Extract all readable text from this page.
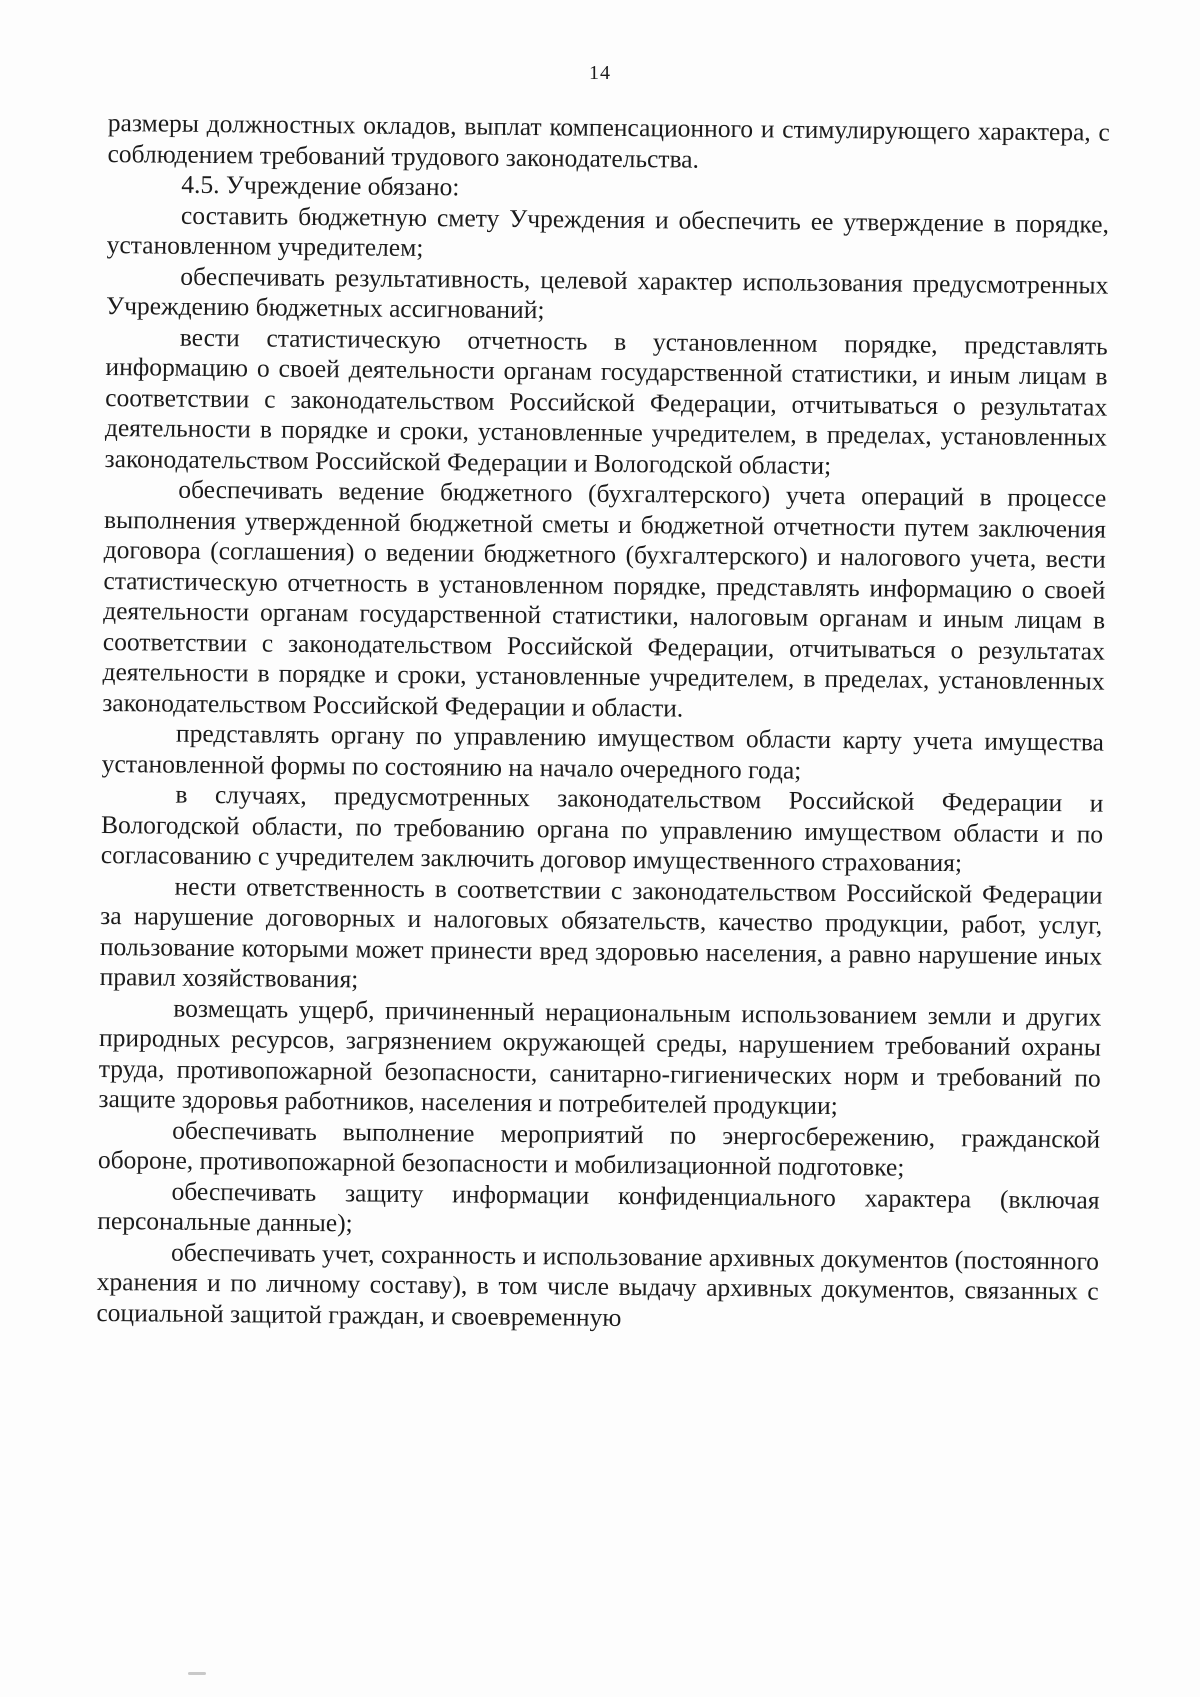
14

размеры должностных окладов, выплат компенсационного и стимулирующего характера, с соблюдением требований трудового законодательства.

4.5. Учреждение обязано:

составить бюджетную смету Учреждения и обеспечить ее утверждение в порядке, установленном учредителем;

обеспечивать результативность, целевой характер использования предусмотренных Учреждению бюджетных ассигнований;

вести статистическую отчетность в установленном порядке, представлять информацию о своей деятельности органам государственной статистики, и иным лицам в соответствии с законодательством Российской Федерации, отчитываться о результатах деятельности в порядке и сроки, установленные учредителем, в пределах, установленных законодательством Российской Федерации и Вологодской области;

обеспечивать ведение бюджетного (бухгалтерского) учета операций в процессе выполнения утвержденной бюджетной сметы и бюджетной отчетности путем заключения договора (соглашения) о ведении бюджетного (бухгалтерского) и налогового учета, вести статистическую отчетность в установленном порядке, представлять информацию о своей деятельности органам государственной статистики, налоговым органам и иным лицам в соответствии с законодательством Российской Федерации, отчитываться о результатах деятельности в порядке и сроки, установленные учредителем, в пределах, установленных законодательством Российской Федерации и области.

представлять органу по управлению имуществом области карту учета имущества установленной формы по состоянию на начало очередного года;

в случаях, предусмотренных законодательством Российской Федерации и Вологодской области, по требованию органа по управлению имуществом области и по согласованию с учредителем заключить договор имущественного страхования;

нести ответственность в соответствии с законодательством Российской Федерации за нарушение договорных и налоговых обязательств, качество продукции, работ, услуг, пользование которыми может принести вред здоровью населения, а равно нарушение иных правил хозяйствования;

возмещать ущерб, причиненный нерациональным использованием земли и других природных ресурсов, загрязнением окружающей среды, нарушением требований охраны труда, противопожарной безопасности, санитарно-гигиенических норм и требований по защите здоровья работников, населения и потребителей продукции;

обеспечивать выполнение мероприятий по энергосбережению, гражданской обороне, противопожарной безопасности и мобилизационной подготовке;

обеспечивать защиту информации конфиденциального характера (включая персональные данные);

обеспечивать учет, сохранность и использование архивных документов (постоянного хранения и по личному составу), в том числе выдачу архивных документов, связанных с социальной защитой граждан, и своевременную
